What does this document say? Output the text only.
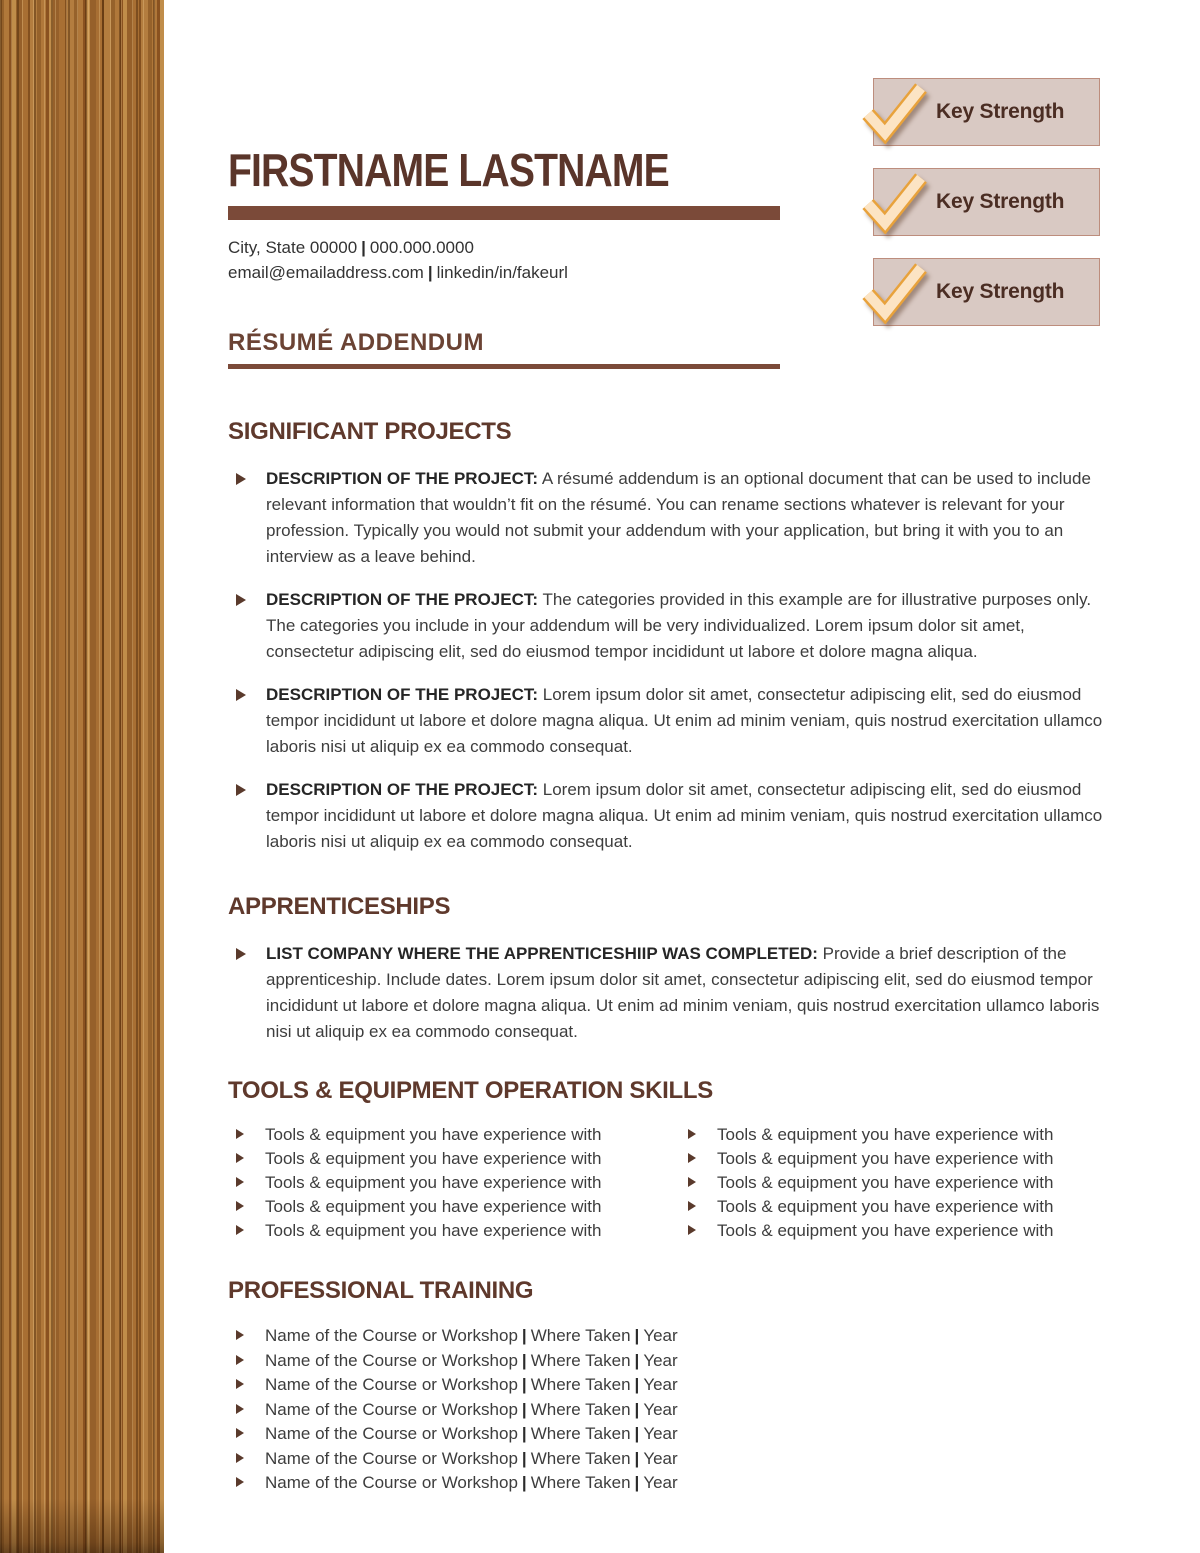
Key Strength
Key Strength
Key Strength
FIRSTNAME LASTNAME
City, State 00000 | 000.000.0000
email@emailaddress.com | linkedin/in/fakeurl
RÉSUMÉ ADDENDUM
SIGNIFICANT PROJECTS
DESCRIPTION OF THE PROJECT: A résumé addendum is an optional document that can be used to include relevant information that wouldn’t fit on the résumé. You can rename sections whatever is relevant for your profession. Typically you would not submit your addendum with your application, but bring it with you to an interview as a leave behind.
DESCRIPTION OF THE PROJECT: The categories provided in this example are for illustrative purposes only. The categories you include in your addendum will be very individualized. Lorem ipsum dolor sit amet, consectetur adipiscing elit, sed do eiusmod tempor incididunt ut labore et dolore magna aliqua.
DESCRIPTION OF THE PROJECT: Lorem ipsum dolor sit amet, consectetur adipiscing elit, sed do eiusmod tempor incididunt ut labore et dolore magna aliqua. Ut enim ad minim veniam, quis nostrud exercitation ullamco laboris nisi ut aliquip ex ea commodo consequat.
DESCRIPTION OF THE PROJECT: Lorem ipsum dolor sit amet, consectetur adipiscing elit, sed do eiusmod tempor incididunt ut labore et dolore magna aliqua. Ut enim ad minim veniam, quis nostrud exercitation ullamco laboris nisi ut aliquip ex ea commodo consequat.
APPRENTICESHIPS
LIST COMPANY WHERE THE APPRENTICESHIIP WAS COMPLETED: Provide a brief description of the apprenticeship. Include dates. Lorem ipsum dolor sit amet, consectetur adipiscing elit, sed do eiusmod tempor incididunt ut labore et dolore magna aliqua. Ut enim ad minim veniam, quis nostrud exercitation ullamco laboris nisi ut aliquip ex ea commodo consequat.
TOOLS & EQUIPMENT OPERATION SKILLS
Tools & equipment you have experience with
Tools & equipment you have experience with
Tools & equipment you have experience with
Tools & equipment you have experience with
Tools & equipment you have experience with
Tools & equipment you have experience with
Tools & equipment you have experience with
Tools & equipment you have experience with
Tools & equipment you have experience with
Tools & equipment you have experience with
PROFESSIONAL TRAINING
Name of the Course or Workshop | Where Taken | Year
Name of the Course or Workshop | Where Taken | Year
Name of the Course or Workshop | Where Taken | Year
Name of the Course or Workshop | Where Taken | Year
Name of the Course or Workshop | Where Taken | Year
Name of the Course or Workshop | Where Taken | Year
Name of the Course or Workshop | Where Taken | Year
